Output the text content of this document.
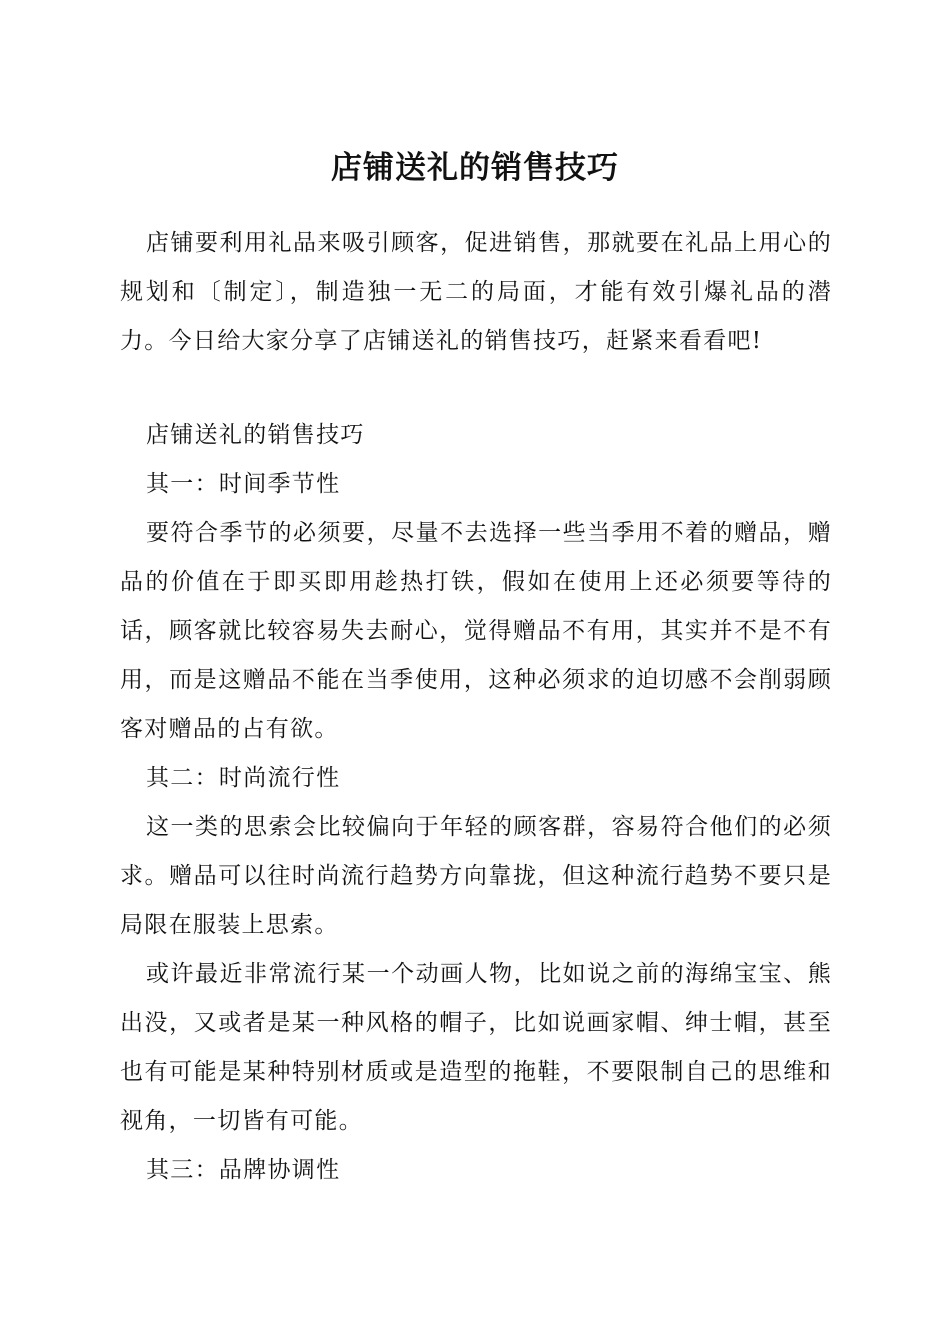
店铺送礼的销售技巧

店铺要利用礼品来吸引顾客，促进销售，那就要在礼品上用心的规划和〔制定〕，制造独一无二的局面，才能有效引爆礼品的潜力。今日给大家分享了店铺送礼的销售技巧，赶紧来看看吧!

店铺送礼的销售技巧

其一：时间季节性

要符合季节的必须要，尽量不去选择一些当季用不着的赠品，赠品的价值在于即买即用趁热打铁，假如在使用上还必须要等待的话，顾客就比较容易失去耐心，觉得赠品不有用，其实并不是不有用，而是这赠品不能在当季使用，这种必须求的迫切感不会削弱顾客对赠品的占有欲。

其二：时尚流行性

这一类的思索会比较偏向于年轻的顾客群，容易符合他们的必须求。赠品可以往时尚流行趋势方向靠拢，但这种流行趋势不要只是局限在服装上思索。

或许最近非常流行某一个动画人物，比如说之前的海绵宝宝、熊出没，又或者是某一种风格的帽子，比如说画家帽、绅士帽，甚至也有可能是某种特别材质或是造型的拖鞋，不要限制自己的思维和视角，一切皆有可能。

其三：品牌协调性
